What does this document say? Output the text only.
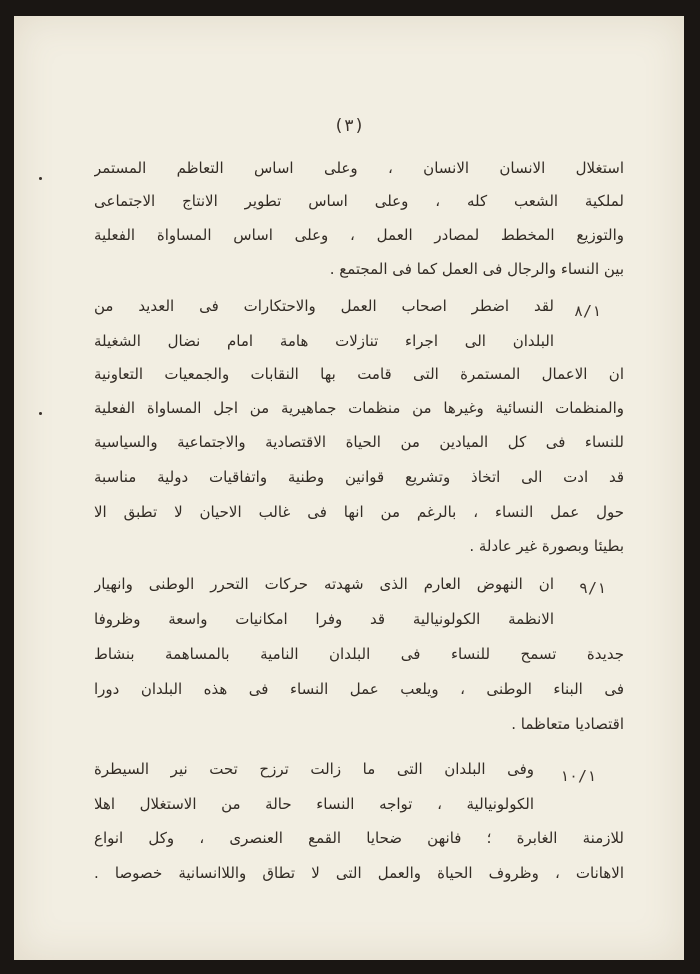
(٣)
استغلال الانسان الانسان ، وعلى اساس التعاظم المستمر
لملكية الشعب كله ، وعلى اساس تطوير الانتاج الاجتماعى
والتوزيع المخطط لمصادر العمل ، وعلى اساس المساواة الفعلية
بين النساء والرجال فى العمل كما فى المجتمع .
٨/١
لقد اضطر اصحاب العمل والاحتكارات فى العديد من
البلدان الى اجراء تنازلات هامة امام نضال الشغيلة
ان الاعمال المستمرة التى قامت بها النقابات والجمعيات التعاونية
والمنظمات النسائية وغيرها من منظمات جماهيرية من اجل المساواة الفعلية
للنساء فى كل الميادين من الحياة الاقتصادية والاجتماعية والسياسية
قد ادت الى اتخاذ وتشريع قوانين وطنية واتفاقيات دولية مناسبة
حول عمل النساء ، بالرغم من انها فى غالب الاحيان لا تطبق الا
بطيئا وبصورة غير عادلة .
٩/١
ان النهوض العارم الذى شهدته حركات التحرر الوطنى وانهيار
الانظمة الكولونيالية قد وفرا امكانيات واسعة وظروفا
جديدة تسمح للنساء فى البلدان النامية بالمساهمة بنشاط
فى البناء الوطنى ، ويلعب عمل النساء فى هذه البلدان دورا
اقتصاديا متعاظما .
١٠/١
وفى البلدان التى ما زالت ترزح تحت نير السيطرة
الكولونيالية ، تواجه النساء حالة من الاستغلال اهلا
للازمنة الغابرة ؛ فانهن ضحايا القمع العنصرى ، وكل انواع
الاهانات ، وظروف الحياة والعمل التى لا تطاق واللاانسانية خصوصا .
